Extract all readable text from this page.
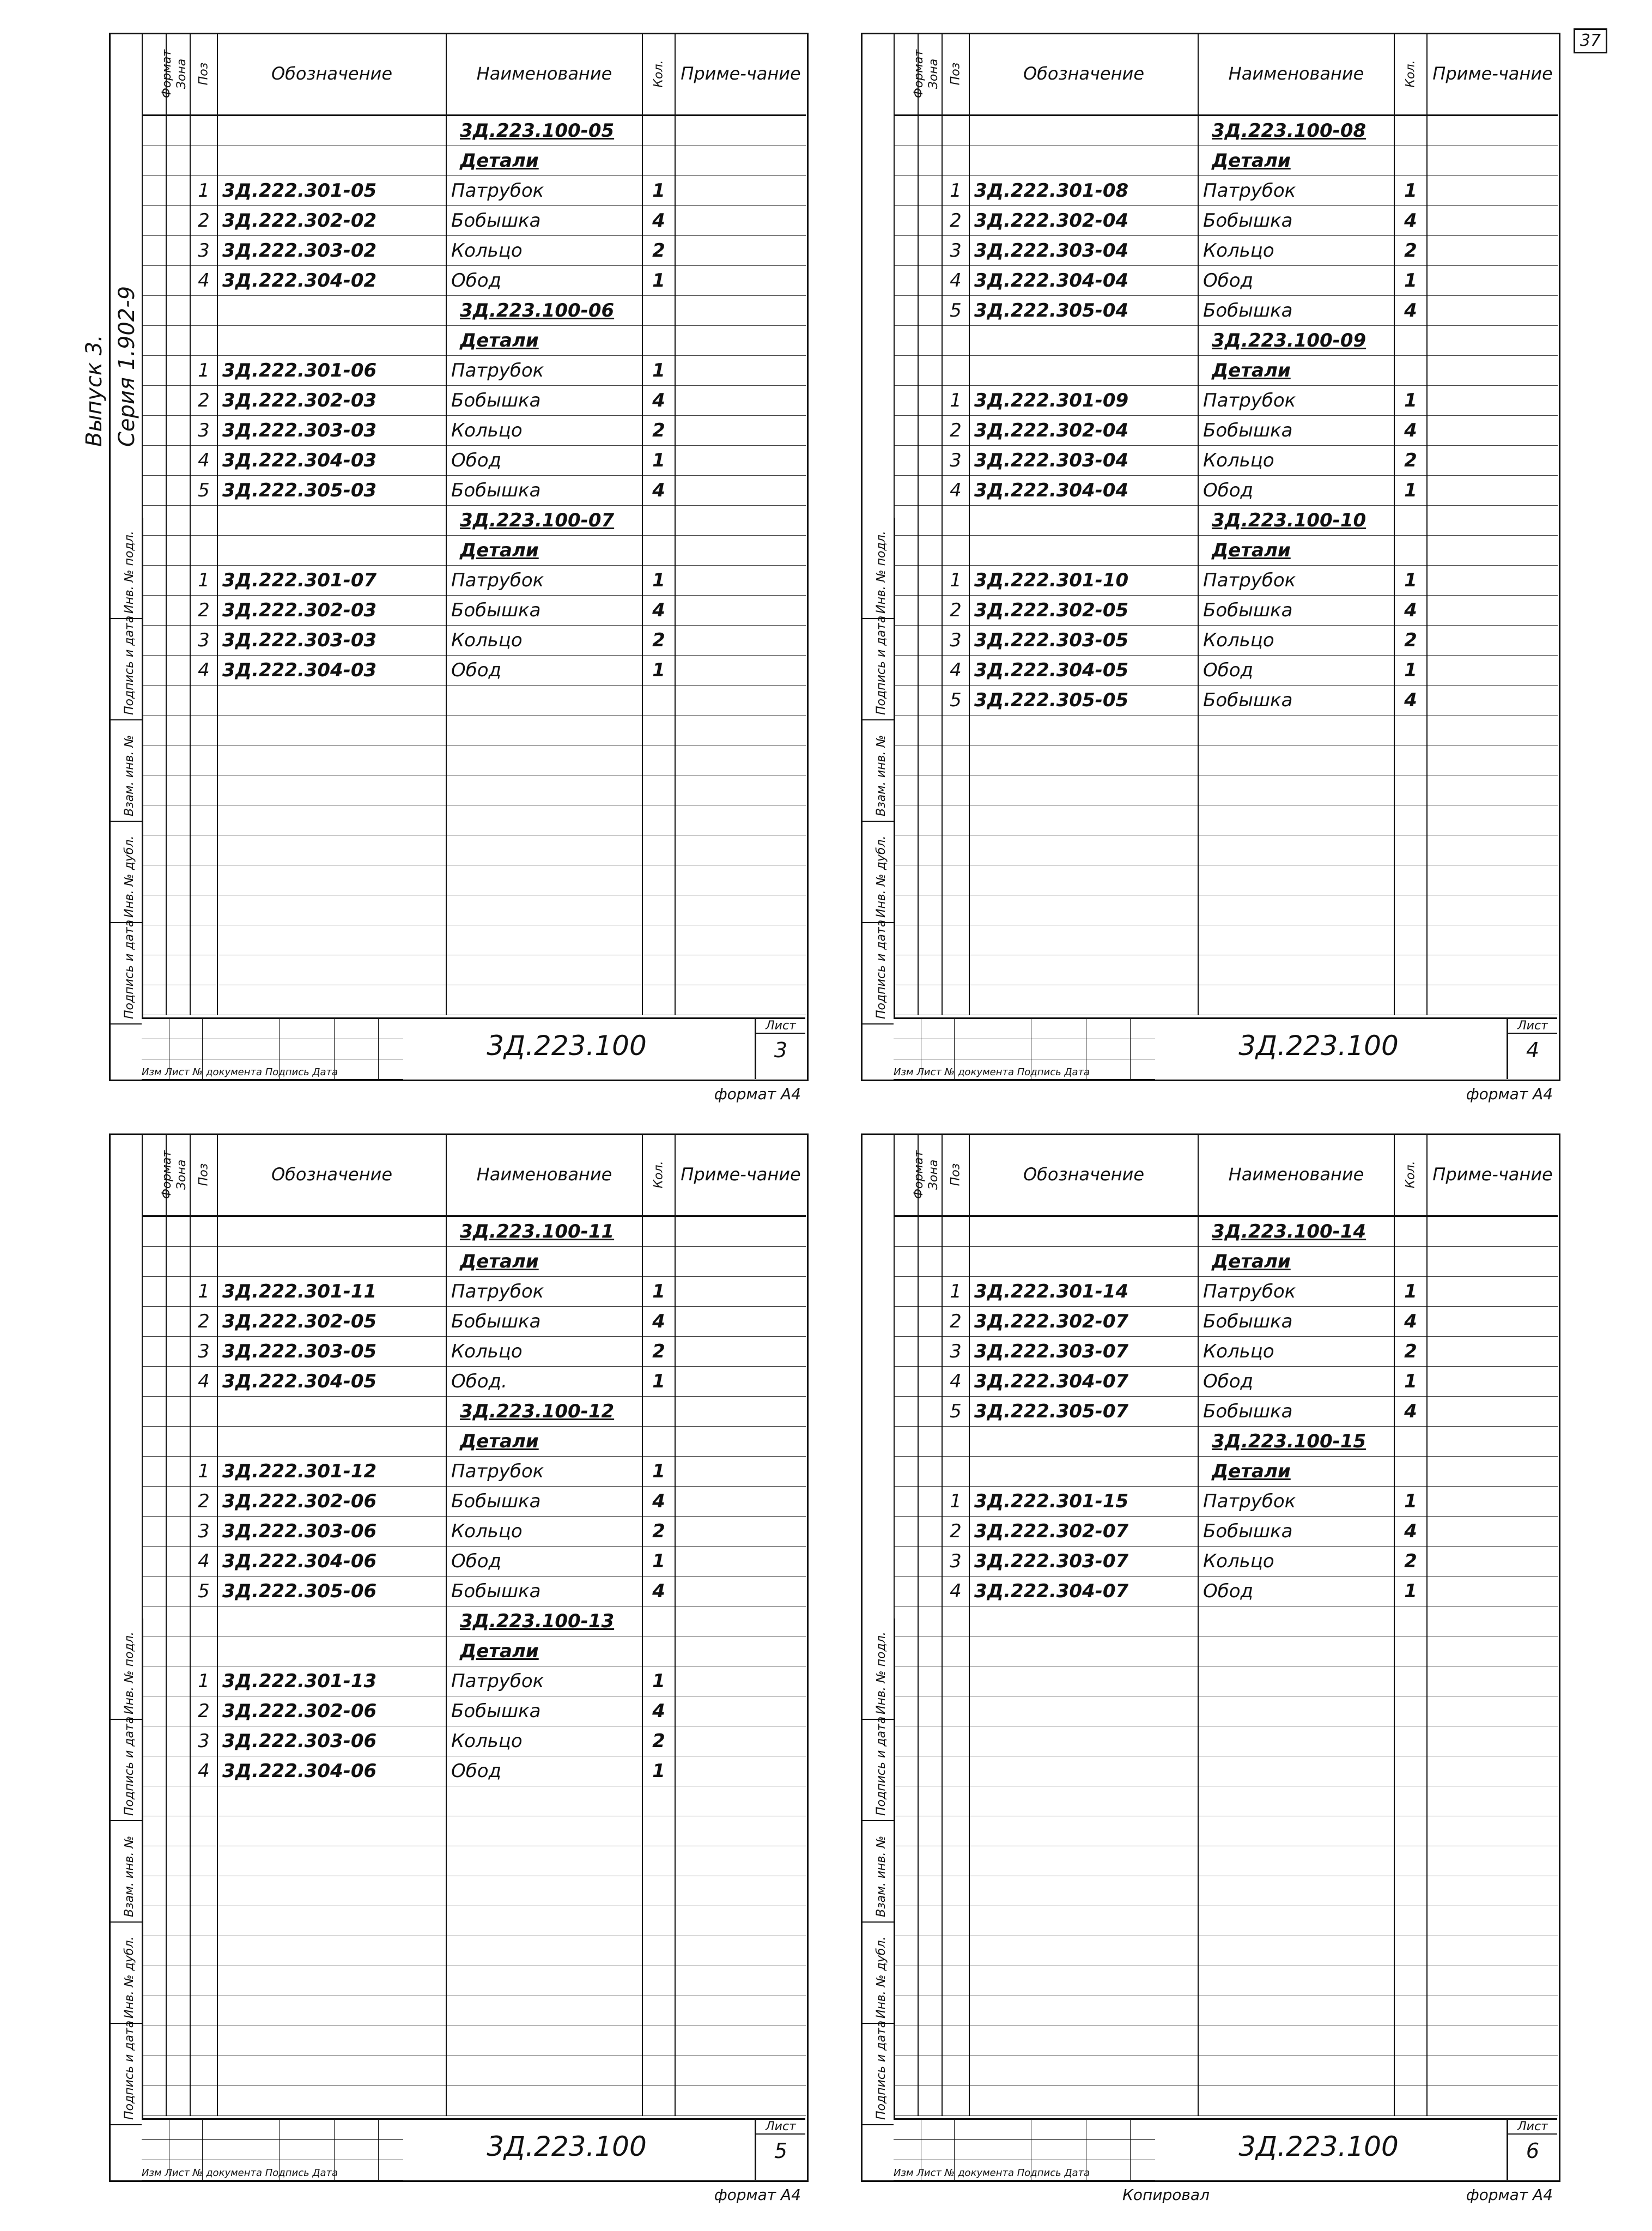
37
Выпуск 3. Серия 1.902-9
Инв. № подл.
Подпись и дата
Взам. инв. №
Инв. № дубл.
Подпись и дата
Формат	Зона	Поз	Обозначение	Наименование	Кол.	Приме-чание
				3Д.223.100-05		
				Детали		
		1	3Д.222.301-05	Патрубок	1	
		2	3Д.222.302-02	Бобышка	4	
		3	3Д.222.303-02	Кольцо	2	
		4	3Д.222.304-02	Обод	1	
				3Д.223.100-06		
				Детали		
		1	3Д.222.301-06	Патрубок	1	
		2	3Д.222.302-03	Бобышка	4	
		3	3Д.222.303-03	Кольцо	2	
		4	3Д.222.304-03	Обод	1	
		5	3Д.222.305-03	Бобышка	4	
				3Д.223.100-07		
				Детали		
		1	3Д.222.301-07	Патрубок	1	
		2	3Д.222.302-03	Бобышка	4	
		3	3Д.222.303-03	Кольцо	2	
		4	3Д.222.304-03	Обод	1	

Изм Лист № документа Подпись Дата
3Д.223.100
Лист
3
формат А4
Инв. № подл.
Подпись и дата
Взам. инв. №
Инв. № дубл.
Подпись и дата
Формат	Зона	Поз	Обозначение	Наименование	Кол.	Приме-чание
				3Д.223.100-08		
				Детали		
		1	3Д.222.301-08	Патрубок	1	
		2	3Д.222.302-04	Бобышка	4	
		3	3Д.222.303-04	Кольцо	2	
		4	3Д.222.304-04	Обод	1	
		5	3Д.222.305-04	Бобышка	4	
				3Д.223.100-09		
				Детали		
		1	3Д.222.301-09	Патрубок	1	
		2	3Д.222.302-04	Бобышка	4	
		3	3Д.222.303-04	Кольцо	2	
		4	3Д.222.304-04	Обод	1	
				3Д.223.100-10		
				Детали		
		1	3Д.222.301-10	Патрубок	1	
		2	3Д.222.302-05	Бобышка	4	
		3	3Д.222.303-05	Кольцо	2	
		4	3Д.222.304-05	Обод	1	
		5	3Д.222.305-05	Бобышка	4	

Изм Лист № документа Подпись Дата
3Д.223.100
Лист
4
формат А4
Инв. № подл.
Подпись и дата
Взам. инв. №
Инв. № дубл.
Подпись и дата
Формат	Зона	Поз	Обозначение	Наименование	Кол.	Приме-чание
				3Д.223.100-11		
				Детали		
		1	3Д.222.301-11	Патрубок	1	
		2	3Д.222.302-05	Бобышка	4	
		3	3Д.222.303-05	Кольцо	2	
		4	3Д.222.304-05	Обод.	1	
				3Д.223.100-12		
				Детали		
		1	3Д.222.301-12	Патрубок	1	
		2	3Д.222.302-06	Бобышка	4	
		3	3Д.222.303-06	Кольцо	2	
		4	3Д.222.304-06	Обод	1	
		5	3Д.222.305-06	Бобышка	4	
				3Д.223.100-13		
				Детали		
		1	3Д.222.301-13	Патрубок	1	
		2	3Д.222.302-06	Бобышка	4	
		3	3Д.222.303-06	Кольцо	2	
		4	3Д.222.304-06	Обод	1	

Изм Лист № документа Подпись Дата
3Д.223.100
Лист
5
формат А4
Инв. № подл.
Подпись и дата
Взам. инв. №
Инв. № дубл.
Подпись и дата
Формат	Зона	Поз	Обозначение	Наименование	Кол.	Приме-чание
				3Д.223.100-14		
				Детали		
		1	3Д.222.301-14	Патрубок	1	
		2	3Д.222.302-07	Бобышка	4	
		3	3Д.222.303-07	Кольцо	2	
		4	3Д.222.304-07	Обод	1	
		5	3Д.222.305-07	Бобышка	4	
				3Д.223.100-15		
				Детали		
		1	3Д.222.301-15	Патрубок	1	
		2	3Д.222.302-07	Бобышка	4	
		3	3Д.222.303-07	Кольцо	2	
		4	3Д.222.304-07	Обод	1	

Изм Лист № документа Подпись Дата
3Д.223.100
Лист
6
формат А4
Копировал
